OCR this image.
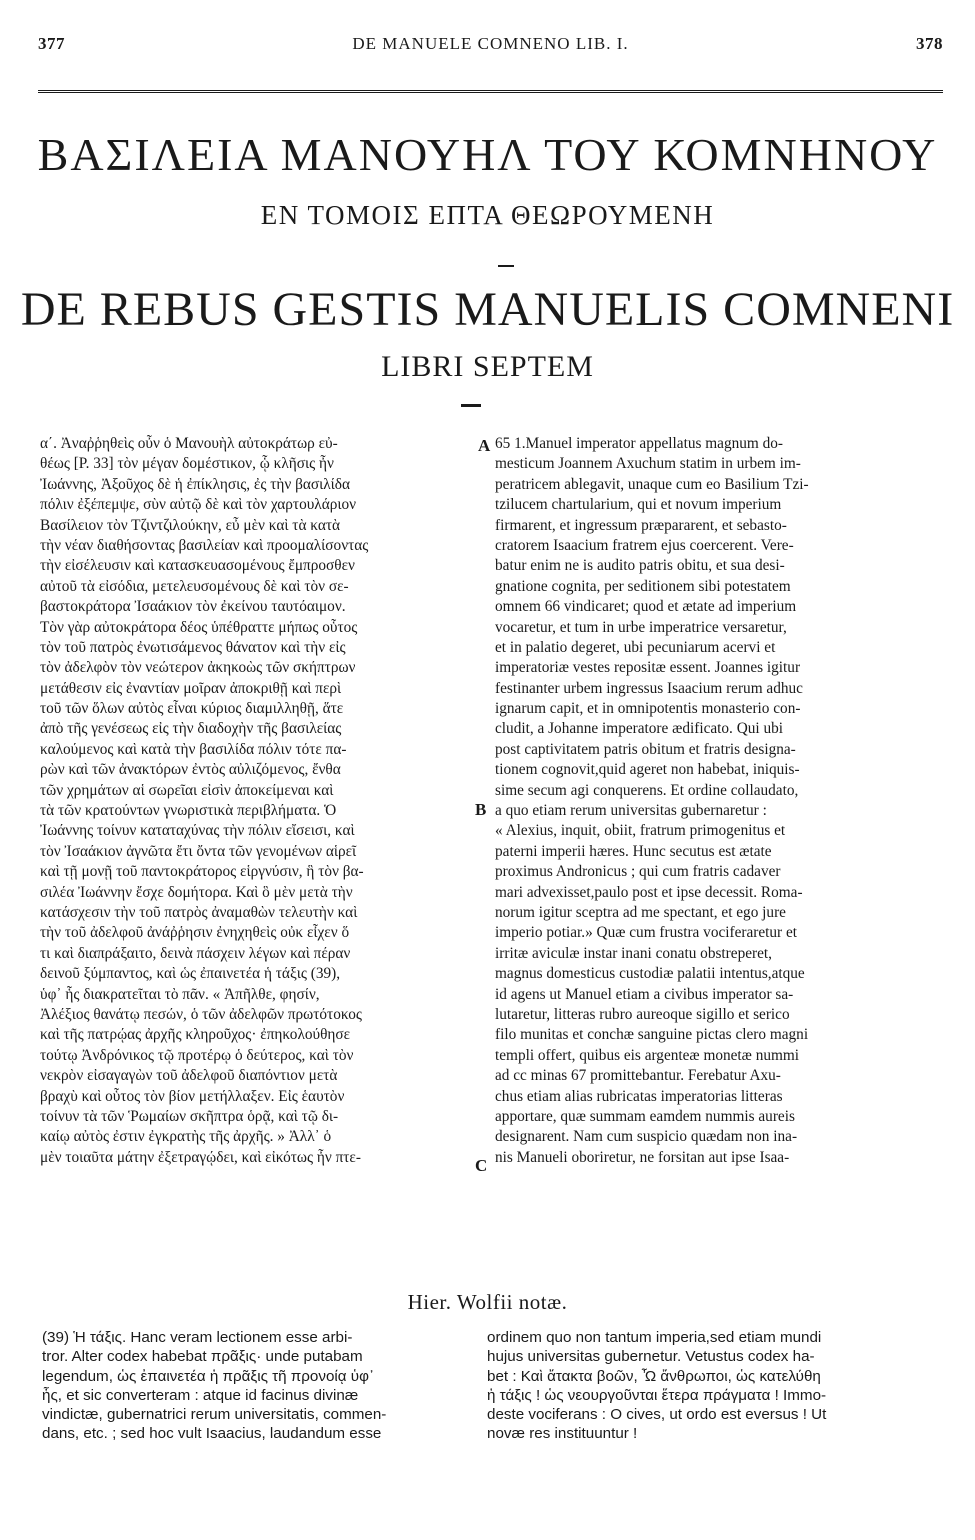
377	DE MANUELE COMNENO LIB. I.	378
ΒΑΣΙΛΕΙΑ ΜΑΝΟΥΗΛ ΤΟΥ ΚΟΜΝΗΝΟΥ
ΕΝ ΤΟΜΟΙΣ ΕΠΤΑ ΘΕΩΡΟΥΜΕΝΗ
DE REBUS GESTIS MANUELIS COMNENI
LIBRI SEPTEM
α΄. Ἀναῤῥηθεὶς οὖν ὁ Μανουὴλ αὐτοκράτωρ εὐ-
θέως [P. 33] τὸν μέγαν δομέστικον, ᾧ κλῆσις ἦν
Ἰωάννης, Ἀξοῦχος δὲ ἡ ἐπίκλησις, ἐς τὴν βασιλίδα
πόλιν ἐξέπεμψε, σὺν αὐτῷ δὲ καὶ τὸν χαρτουλάριον
Βασίλειον τὸν Τζιντζιλούκην, εὖ μὲν καὶ τὰ κατὰ
τὴν νέαν διαθήσοντας βασιλείαν καὶ προομαλίσοντας
τὴν εἰσέλευσιν καὶ κατασκευασομένους ἔμπροσθεν
αὐτοῦ τὰ εἰσόδια, μετελευσομένους δὲ καὶ τὸν σε-
βαστοκράτορα Ἰσαάκιον τὸν ἐκείνου ταυτόαιμον.
Τὸν γὰρ αὐτοκράτορα δέος ὑπέθραττε μήπως οὗτος
τὸν τοῦ πατρὸς ἐνωτισάμενος θάνατον καὶ τὴν εἰς
τὸν ἀδελφὸν τὸν νεώτερον ἀκηκοὼς τῶν σκήπτρων
μετάθεσιν εἰς ἐναντίαν μοῖραν ἀποκριθῇ καὶ περὶ
τοῦ τῶν ὅλων αὐτὸς εἶναι κύριος διαμιλληθῇ, ἅτε
ἀπὸ τῆς γενέσεως εἰς τὴν διαδοχὴν τῆς βασιλείας
καλούμενος καὶ κατὰ τὴν βασιλίδα πόλιν τότε πα-
ρὼν καὶ τῶν ἀνακτόρων ἐντὸς αὐλιζόμενος, ἔνθα
τῶν χρημάτων αἱ σωρεῖαι εἰσὶν ἀποκείμεναι καὶ
τὰ τῶν κρατούντων γνωριστικὰ περιβλήματα. Ὁ
Ἰωάννης τοίνυν καταταχύνας τὴν πόλιν εἴσεισι, καὶ
τὸν Ἰσαάκιον ἀγνῶτα ἔτι ὄντα τῶν γενομένων αἱρεῖ
καὶ τῇ μονῇ τοῦ παντοκράτορος εἱργνύσιν, ἣ τὸν βα-
σιλέα Ἰωάννην ἔσχε δομήτορα. Καὶ ὃ μὲν μετὰ τὴν
κατάσχεσιν τὴν τοῦ πατρὸς ἀναμαθὼν τελευτὴν καὶ
τὴν τοῦ ἀδελφοῦ ἀνάῤῥησιν ἐνηχηθεὶς οὐκ εἶχεν ὅ
τι καὶ διαπράξαιτο, δεινὰ πάσχειν λέγων καὶ πέραν
δεινοῦ ξύμπαντος, καὶ ὡς ἐπαινετέα ἡ τάξις (39),
ὑφ᾽ ἧς διακρατεῖται τὸ πᾶν. « Ἀπῆλθε, φησίν,
Ἀλέξιος θανάτῳ πεσών, ὁ τῶν ἀδελφῶν πρωτότοκος
καὶ τῆς πατρῴας ἀρχῆς κληροῦχος· ἐπηκολούθησε
τούτῳ Ἀνδρόνικος τῷ προτέρῳ ὁ δεύτερος, καὶ τὸν
νεκρὸν εἰσαγαγὼν τοῦ ἀδελφοῦ διαπόντιον μετὰ
βραχὺ καὶ οὗτος τὸν βίον μετήλλαξεν. Εἰς ἑαυτὸν
τοίνυν τὰ τῶν Ῥωμαίων σκῆπτρα ὁρᾷ, καὶ τῷ δι-
καίῳ αὐτὸς ἐστιν ἐγκρατὴς τῆς ἀρχῆς. » Ἀλλ᾽ ὁ
μὲν τοιαῦτα μάτην ἐξετραγῴδει, καὶ εἰκότως ἦν πτε-
65 1.Manuel imperator appellatus magnum do-
mesticum Joannem Axuchum statim in urbem im-
peratricem ablegavit, unaque cum eo Basilium Tzi-
tzilucem chartularium, qui et novum imperium
firmarent, et ingressum præpararent, et sebasto-
cratorem Isaacium fratrem ejus coercerent. Vere-
batur enim ne is audito patris obitu, et sua desi-
gnatione cognita, per seditionem sibi potestatem
omnem 66 vindicaret; quod et ætate ad imperium
vocaretur, et tum in urbe imperatrice versaretur,
et in palatio degeret, ubi pecuniarum acervi et
imperatoriæ vestes repositæ essent. Joannes igitur
festinanter urbem ingressus Isaacium rerum adhuc
ignarum capit, et in omnipotentis monasterio con-
cludit, a Johanne imperatore ædificato. Qui ubi
post captivitatem patris obitum et fratris designa-
tionem cognovit,quid ageret non habebat, iniquis-
sime secum agi conquerens. Et ordine collaudato,
a quo etiam rerum universitas gubernaretur :
« Alexius, inquit, obiit, fratrum primogenitus et
paterni imperii hæres. Hunc secutus est ætate
proximus Andronicus ; qui cum fratris cadaver
mari advexisset,paulo post et ipse decessit. Roma-
norum igitur sceptra ad me spectant, et ego jure
imperio potiar.» Quæ cum frustra vociferaretur et
irritæ aviculæ instar inani conatu obstreperet,
magnus domesticus custodiæ palatii intentus,atque
id agens ut Manuel etiam a civibus imperator sa-
lutaretur, litteras rubro aureoque sigillo et serico
filo munitas et conchæ sanguine pictas clero magni
templi offert, quibus eis argenteæ monetæ nummi
ad cc minas 67 promittebantur. Ferebatur Axu-
chus etiam alias rubricatas imperatorias litteras
apportare, quæ summam eamdem nummis aureis
designarent. Nam cum suspicio quædam non ina-
nis Manueli oboriretur, ne forsitan aut ipse Isaa-
A
B
C
Hier. Wolfii notæ.
(39) Ἡ τάξις. Hanc veram lectionem esse arbi-
tror. Alter codex habebat πρᾶξις· unde putabam
legendum, ὡς ἐπαινετέα ἡ πρᾶξις τῆ προνοίᾳ ὑφ᾽
ἧς, et sic converteram : atque id facinus divinæ
vindictæ, gubernatrici rerum universitatis, commen-
dans, etc. ; sed hoc vult Isaacius, laudandum esse
ordinem quo non tantum imperia,sed etiam mundi
hujus universitas gubernetur. Vetustus codex ha-
bet : Καὶ ἄτακτα βοῶν, Ὦ ἄνθρωποι, ὡς κατελύθη
ἡ τάξις ! ὡς νεουργοῦνται ἕτερα πράγματα ! Immo-
deste vociferans : O cives, ut ordo est eversus ! Ut
novæ res instituuntur !
